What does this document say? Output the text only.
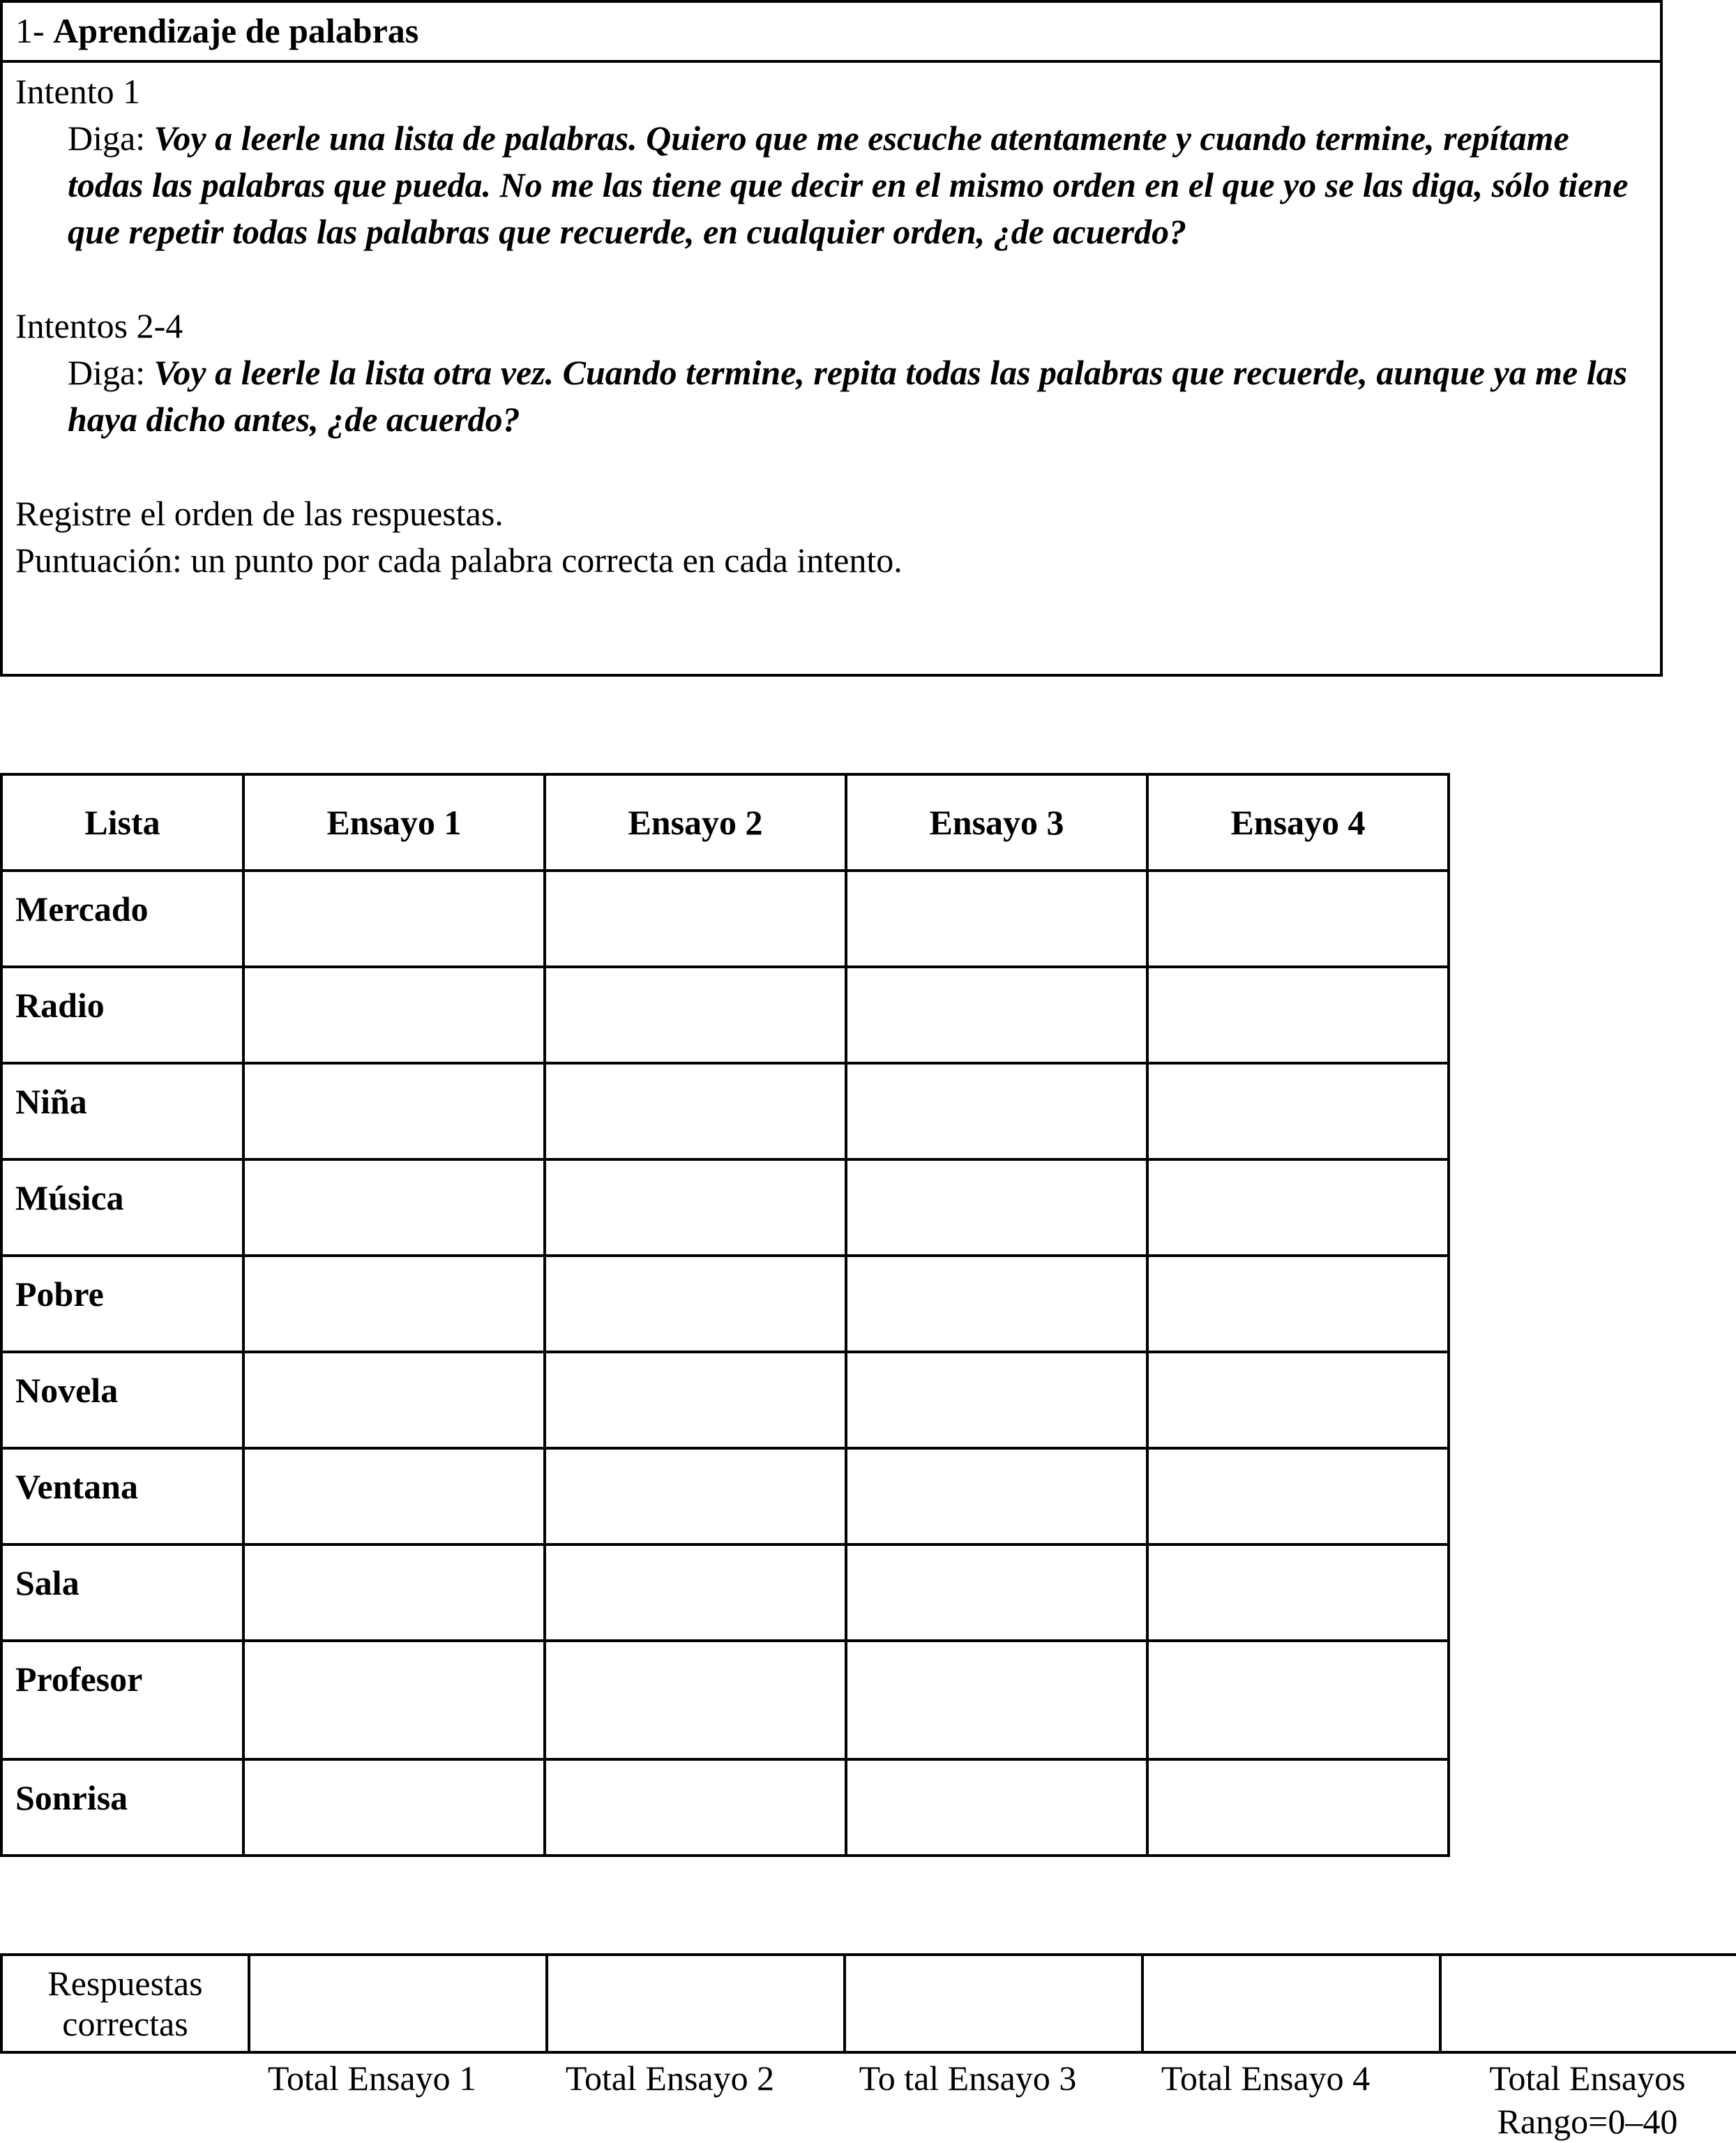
1- Aprendizaje de palabras

Intento 1

Diga: Voy a leerle una lista de palabras. Quiero que me escuche atentamente y cuando termine, repítame todas las palabras que pueda. No me las tiene que decir en el mismo orden en el que yo se las diga, sólo tiene que repetir todas las palabras que recuerde, en cualquier orden, ¿de acuerdo?

Intentos 2-4

Diga: Voy a leerle la lista otra vez. Cuando termine, repita todas las palabras que recuerde, aunque ya me las haya dicho antes, ¿de acuerdo?

Registre el orden de las respuestas.

Puntuación: un punto por cada palabra correcta en cada intento.

Lista	Ensayo 1	Ensayo 2	Ensayo 3	Ensayo 4
Mercado				
Radio				
Niña				
Música				
Pobre				
Novela				
Ventana				
Sala				
Profesor				
Sonrisa				
Respuestas
correctas					
Total Ensayo 1	Total Ensayo 2	To tal Ensayo 3	Total Ensayo 4	Total Ensayos
Rango=0–40
